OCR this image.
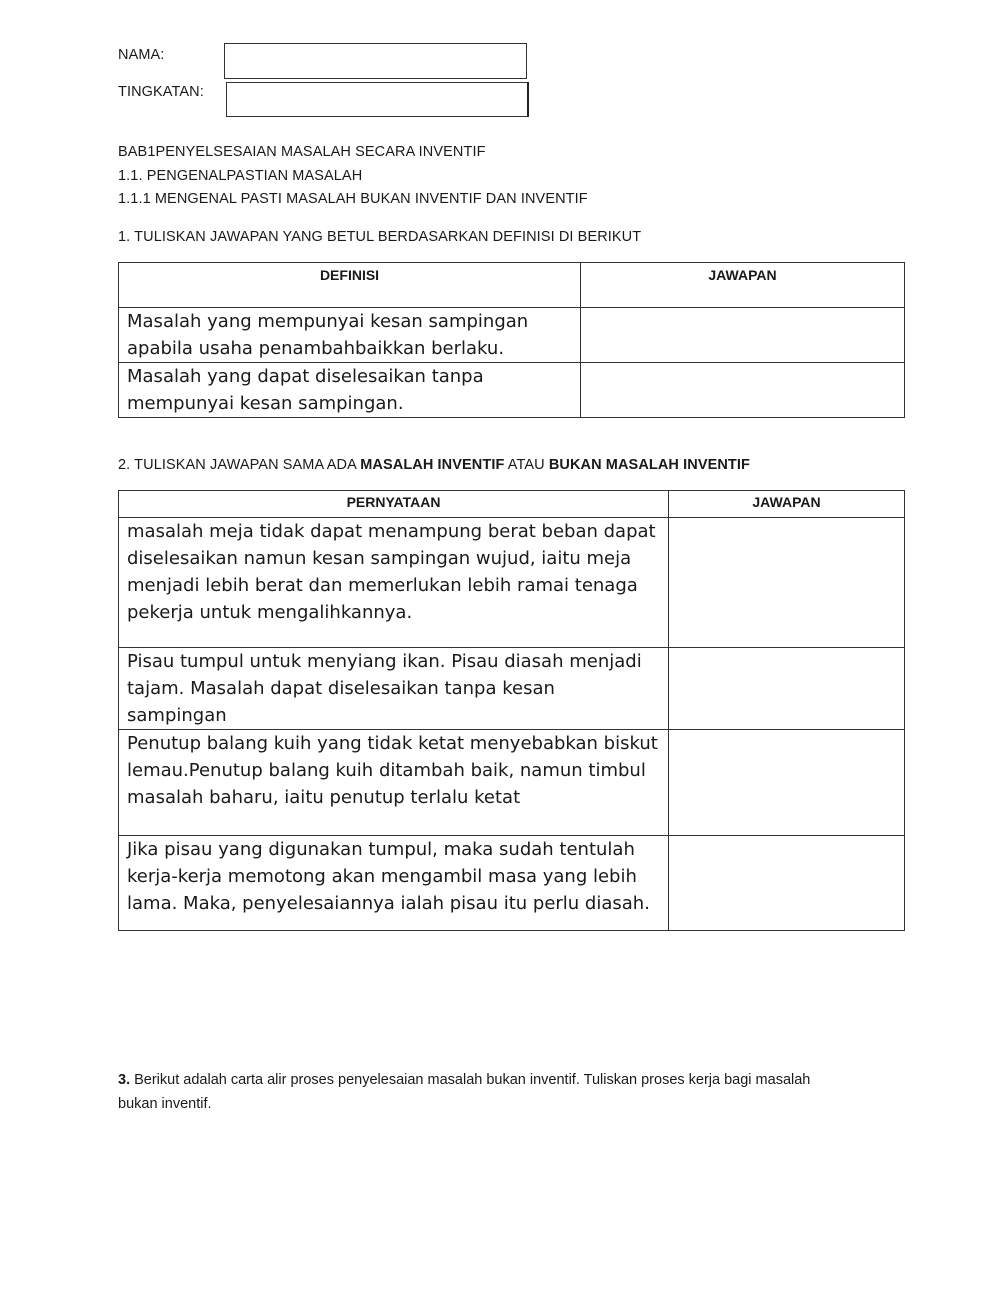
NAMA:
TINGKATAN:
BAB1PENYELSESAIAN MASALAH SECARA INVENTIF
1.1. PENGENALPASTIAN MASALAH
1.1.1 MENGENAL PASTI MASALAH BUKAN INVENTIF DAN INVENTIF
1. TULISKAN JAWAPAN YANG BETUL BERDASARKAN DEFINISI DI BERIKUT
DEFINISI	JAWAPAN
Masalah yang mempunyai kesan sampingan apabila usaha penambahbaikkan berlaku.	
Masalah yang dapat diselesaikan tanpa mempunyai kesan sampingan.	
2. TULISKAN JAWAPAN SAMA ADA MASALAH INVENTIF ATAU BUKAN MASALAH INVENTIF
PERNYATAAN	JAWAPAN
masalah meja tidak dapat menampung berat beban dapat diselesaikan namun kesan sampingan wujud, iaitu meja menjadi lebih berat dan memerlukan lebih ramai tenaga pekerja untuk mengalihkannya.	
Pisau tumpul untuk menyiang ikan. Pisau diasah menjadi tajam. Masalah dapat diselesaikan tanpa kesan sampingan	
Penutup balang kuih yang tidak ketat menyebabkan biskut lemau.Penutup balang kuih ditambah baik, namun timbul masalah baharu, iaitu penutup terlalu ketat	
Jika pisau yang digunakan tumpul, maka sudah tentulah kerja-kerja memotong akan mengambil masa yang lebih lama. Maka, penyelesaiannya ialah pisau itu perlu diasah.	
3. Berikut adalah carta alir proses penyelesaian masalah bukan inventif. Tuliskan proses kerja bagi masalah bukan inventif.
